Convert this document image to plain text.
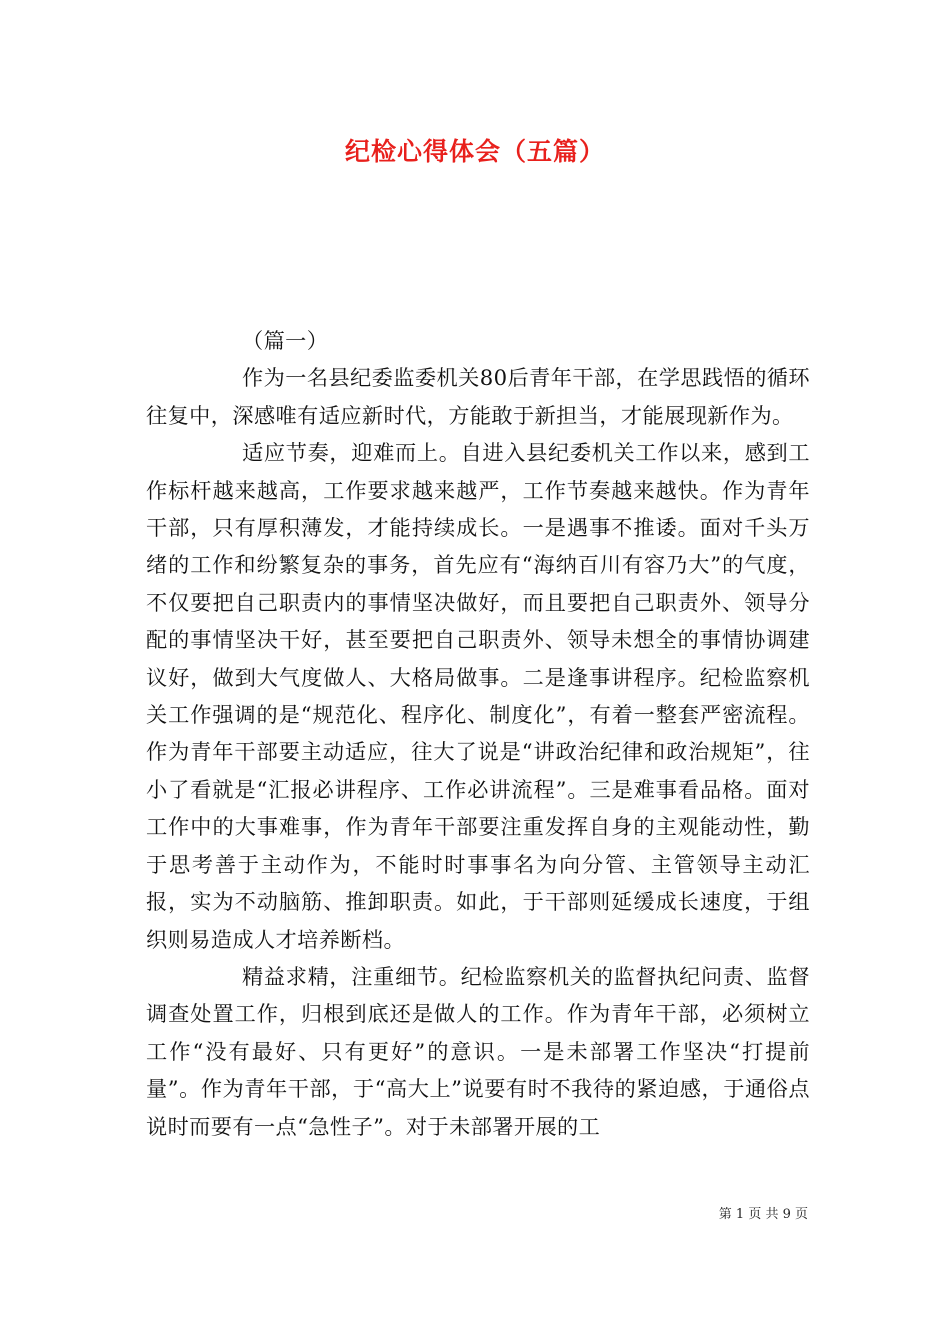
纪检心得体会（五篇）

（篇一）

作为一名县纪委监委机关80后青年干部，在学思践悟的循环往复中，深感唯有适应新时代，方能敢于新担当，才能展现新作为。

适应节奏，迎难而上。自进入县纪委机关工作以来，感到工作标杆越来越高，工作要求越来越严，工作节奏越来越快。作为青年干部，只有厚积薄发，才能持续成长。一是遇事不推诿。面对千头万绪的工作和纷繁复杂的事务，首先应有“海纳百川有容乃大”的气度，不仅要把自己职责内的事情坚决做好，而且要把自己职责外、领导分配的事情坚决干好，甚至要把自己职责外、领导未想全的事情协调建议好，做到大气度做人、大格局做事。二是逢事讲程序。纪检监察机关工作强调的是“规范化、程序化、制度化”，有着一整套严密流程。作为青年干部要主动适应，往大了说是“讲政治纪律和政治规矩”，往小了看就是“汇报必讲程序、工作必讲流程”。三是难事看品格。面对工作中的大事难事，作为青年干部要注重发挥自身的主观能动性，勤于思考善于主动作为，不能时时事事名为向分管、主管领导主动汇报，实为不动脑筋、推卸职责。如此，于干部则延缓成长速度，于组织则易造成人才培养断档。

精益求精，注重细节。纪检监察机关的监督执纪问责、监督调查处置工作，归根到底还是做人的工作。作为青年干部，必须树立工作“没有最好、只有更好”的意识。一是未部署工作坚决“打提前量”。作为青年干部，于“高大上”说要有时不我待的紧迫感，于通俗点说时而要有一点“急性子”。对于未部署开展的工

第 1 页 共 9 页
